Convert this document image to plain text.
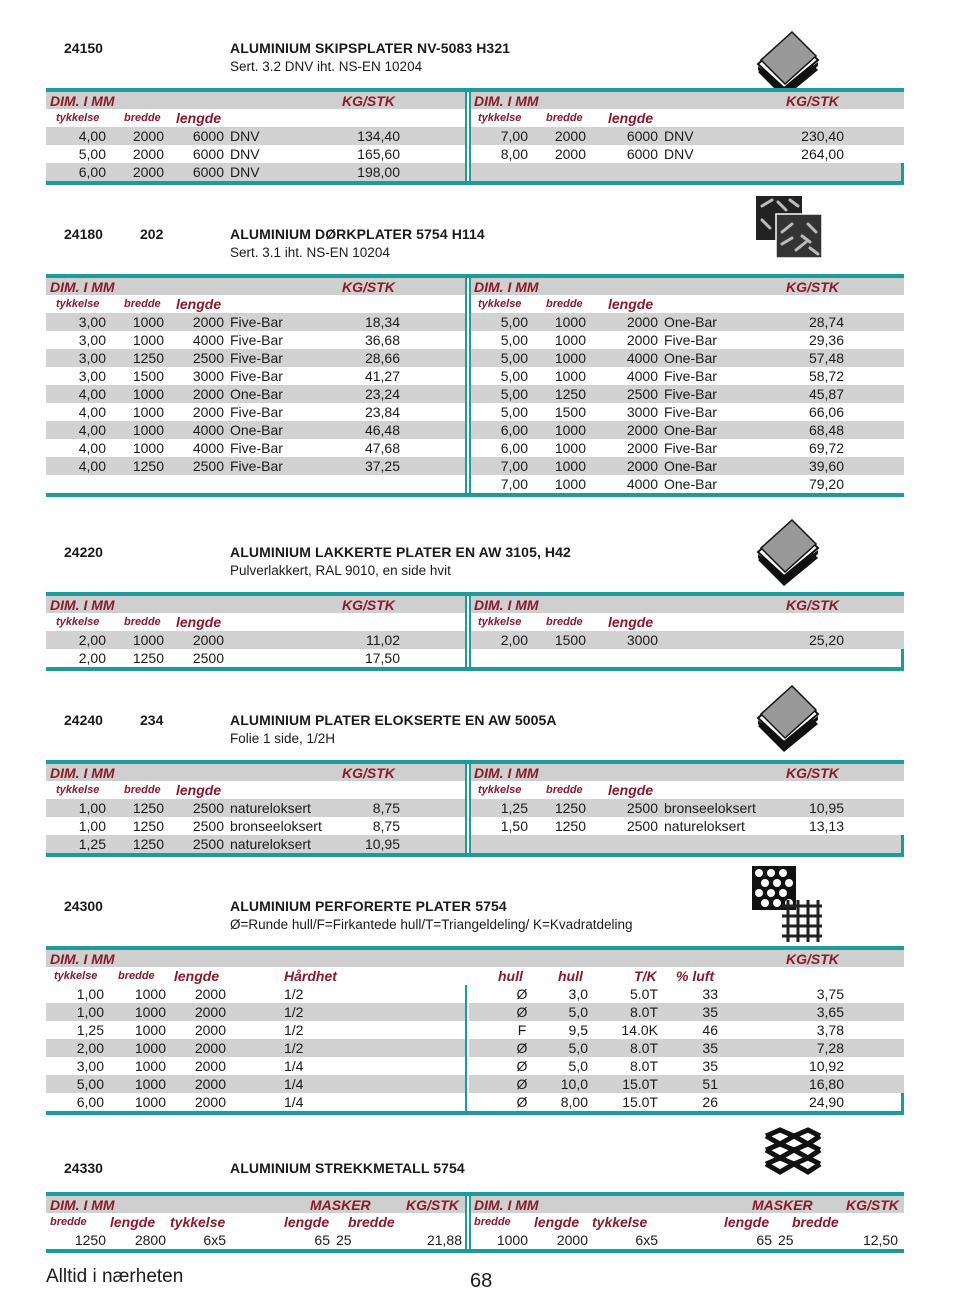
24150	ALUMINIUM SKIPSPLATER NV-5083 H321
Sert. 3.2 DNV iht. NS-EN 10204
DIM. I MM	KG/STK	DIM. I MM	KG/STK
tykkelse bredde lengde	tykkelse bredde lengde
4,00	2000	6000 DNV	134,40	7,00	2000	6000 DNV	230,40
5,00	2000	6000 DNV	165,60	8,00	2000	6000 DNV	264,00
6,00	2000	6000 DNV	198,00
24180	202	ALUMINIUM DØRKPLATER 5754 H114
Sert. 3.1 iht. NS-EN 10204
DIM. I MM	KG/STK	DIM. I MM	KG/STK
tykkelse bredde lengde	tykkelse bredde lengde
3,00	1000	2000 Five-Bar	18,34	5,00	1000	2000 One-Bar	28,74
3,00	1000	4000 Five-Bar	36,68	5,00	1000	2000 Five-Bar	29,36
3,00	1250	2500 Five-Bar	28,66	5,00	1000	4000 One-Bar	57,48
3,00	1500	3000 Five-Bar	41,27	5,00	1000	4000 Five-Bar	58,72
4,00	1000	2000 One-Bar	23,24	5,00	1250	2500 Five-Bar	45,87
4,00	1000	2000 Five-Bar	23,84	5,00	1500	3000 Five-Bar	66,06
4,00	1000	4000 One-Bar	46,48	6,00	1000	2000 One-Bar	68,48
4,00	1000	4000 Five-Bar	47,68	6,00	1000	2000 Five-Bar	69,72
4,00	1250	2500 Five-Bar	37,25	7,00	1000	2000 One-Bar	39,60
7,00	1000	4000 One-Bar	79,20
24220	ALUMINIUM LAKKERTE PLATER EN AW 3105, H42
Pulverlakkert, RAL 9010, en side hvit
DIM. I MM	KG/STK	DIM. I MM	KG/STK
tykkelse bredde lengde	tykkelse bredde lengde
2,00	1000	2000	11,02	2,00	1500	3000	25,20
2,00	1250	2500	17,50
24240	234	ALUMINIUM PLATER ELOKSERTE EN AW 5005A
Folie 1 side, 1/2H
DIM. I MM	KG/STK	DIM. I MM	KG/STK
tykkelse bredde lengde	tykkelse bredde lengde
1,00	1250	2500 natureloksert	8,75	1,25	1250	2500 bronseeloksert	10,95
1,00	1250	2500 bronseeloksert	8,75	1,50	1250	2500 natureloksert	13,13
1,25	1250	2500 natureloksert	10,95
24300	ALUMINIUM PERFORERTE PLATER 5754
Ø=Runde hull/F=Firkantede hull/T=Triangeldeling/ K=Kvadratdeling
DIM. I MM	KG/STK
tykkelse bredde lengde	Hårdhet	hull	hull	T/K % luft
1,00	1000	2000	1/2	Ø	3,0	5.0T	33	3,75
1,00	1000	2000	1/2	Ø	5,0	8.0T	35	3,65
1,25	1000	2000	1/2	F	9,5	14.0K	46	3,78
2,00	1000	2000	1/2	Ø	5,0	8.0T	35	7,28
3,00	1000	2000	1/4	Ø	5,0	8.0T	35	10,92
5,00	1000	2000	1/4	Ø	10,0	15.0T	51	16,80
6,00	1000	2000	1/4	Ø	8,00	15.0T	26	24,90
24330	ALUMINIUM STREKKMETALL 5754
DIM. I MM	MASKER	KG/STK DIM. I MM	MASKER KG/STK
bredde lengde tykkelse	lengde bredde	bredde lengde tykkelse	lengde bredde
1250	2800	6x5	65 25	21,88	1000	2000	6x5	65 25	12,50
Alltid i nærheten	68
